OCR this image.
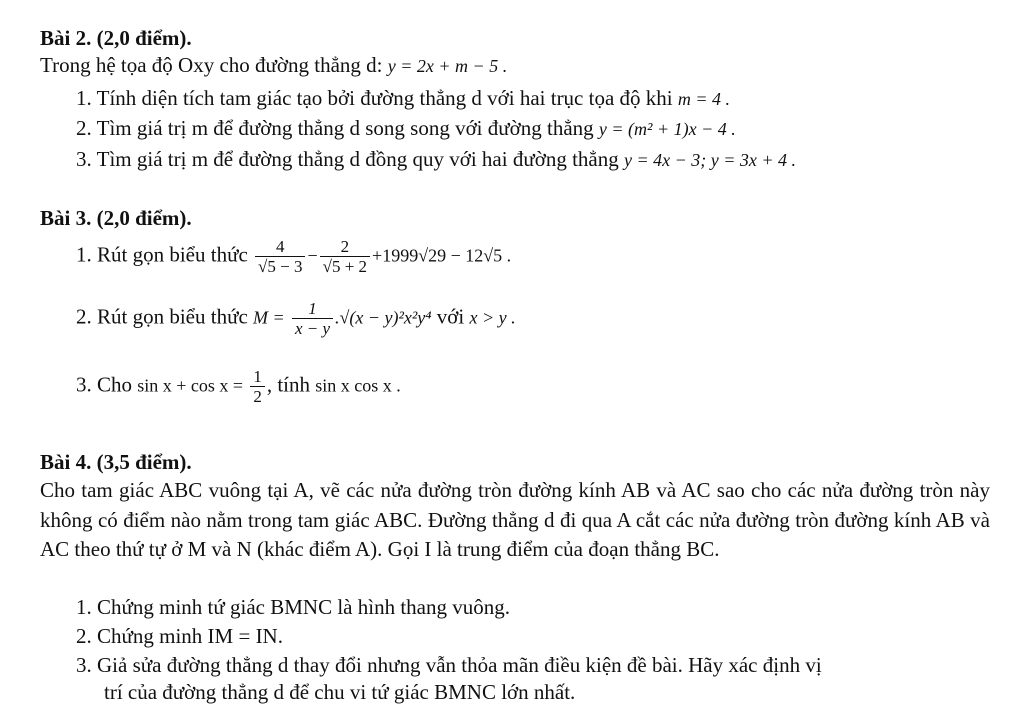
Bài 2. (2,0 điểm).
Trong hệ tọa độ Oxy cho đường thẳng d: y = 2x + m − 5 .
1. Tính diện tích tam giác tạo bởi đường thẳng d với hai trục tọa độ khi m = 4 .
2. Tìm giá trị m để đường thẳng d song song với đường thẳng y = (m² + 1)x − 4 .
3. Tìm giá trị m để đường thẳng d đồng quy với hai đường thẳng y = 4x − 3; y = 3x + 4 .
Bài 3. (2,0 điểm).
1. Rút gọn biểu thức $\frac{4}{√5 - 3} - \frac{2}{√5 + 2} +1999√29 - 12√5$ .
2. Rút gọn biểu thức $M = \frac{1}{x - y} .√(x - y)^2x^2y^4$ với x > y .
3. Cho $\sin x + \cos x = \frac{1}{2}$ , tính sin x cos x .
Bài 4. (3,5 điểm).
Cho tam giác ABC vuông tại A, vẽ các nửa đường tròn đường kính AB và AC sao cho các nửa đường tròn này không có điểm nào nằm trong tam giác ABC. Đường thẳng d đi qua A cắt các nửa đường tròn đường kính AB và AC theo thứ tự ở M và N (khác điểm A). Gọi I là trung điểm của đoạn thẳng BC.
1. Chứng minh tứ giác BMNC là hình thang vuông.
2. Chứng minh IM = IN.
3. Giả sửa đường thẳng d thay đổi nhưng vẫn thỏa mãn điều kiện đề bài. Hãy xác định vị
trí của đường thẳng d để chu vi tứ giác BMNC lớn nhất.
